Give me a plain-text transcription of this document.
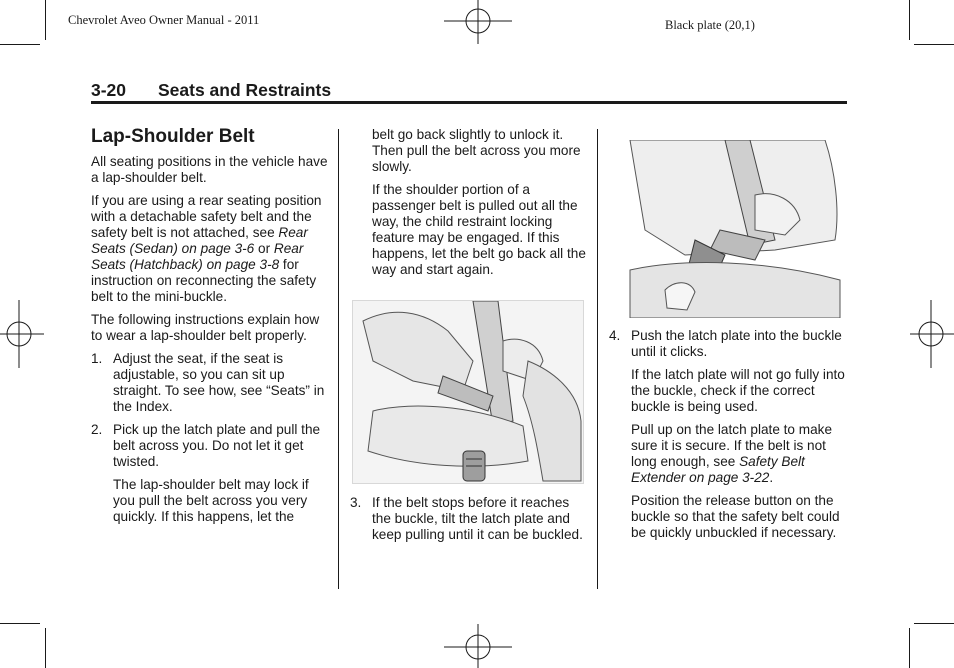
Chevrolet Aveo Owner Manual - 2011	Black plate (20,1)
3-20 Seats and Restraints
Lap-Shoulder Belt

All seating positions in the vehicle have a lap-shoulder belt.

If you are using a rear seating position with a detachable safety belt and the safety belt is not attached, see Rear Seats (Sedan) on page 3-6 or Rear Seats (Hatchback) on page 3-8 for instruction on reconnecting the safety belt to the mini-buckle.

The following instructions explain how to wear a lap-shoulder belt properly.

1. Adjust the seat, if the seat is adjustable, so you can sit up straight. To see how, see “Seats” in the Index.
2. Pick up the latch plate and pull the belt across you. Do not let it get twisted.

The lap-shoulder belt may lock if you pull the belt across you very quickly. If this happens, let the

belt go back slightly to unlock it. Then pull the belt across you more slowly.

If the shoulder portion of a passenger belt is pulled out all the way, the child restraint locking feature may be engaged. If this happens, let the belt go back all the way and start again.

3. If the belt stops before it reaches the buckle, tilt the latch plate and keep pulling until it can be buckled.
4. Push the latch plate into the buckle until it clicks.

If the latch plate will not go fully into the buckle, check if the correct buckle is being used.

Pull up on the latch plate to make sure it is secure. If the belt is not long enough, see Safety Belt Extender on page 3-22.

Position the release button on the buckle so that the safety belt could be quickly unbuckled if necessary.
